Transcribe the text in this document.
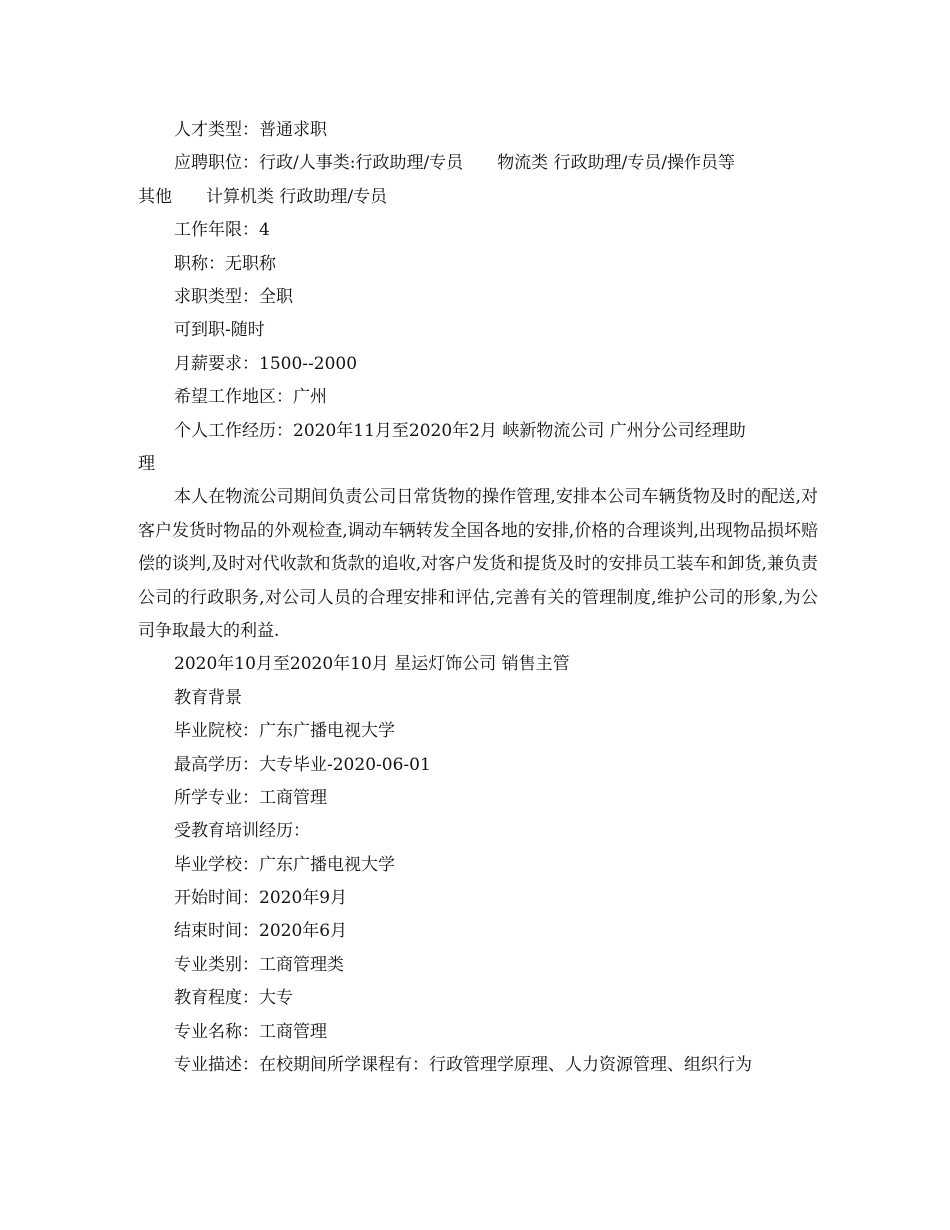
人才类型：普通求职
应聘职位：行政/人事类:行政助理/专员 物流类 行政助理/专员/操作员等
其他 计算机类 行政助理/专员
工作年限：4
职称：无职称
求职类型：全职
可到职-随时
月薪要求：1500--2000
希望工作地区：广州
个人工作经历：2020年11月至2020年2月 峡新物流公司 广州分公司经理助
理
本人在物流公司期间负责公司日常货物的操作管理,安排本公司车辆货物及时的配送,对客户发货时物品的外观检查,调动车辆转发全国各地的安排,价格的合理谈判,出现物品损坏赔偿的谈判,及时对代收款和货款的追收,对客户发货和提货及时的安排员工装车和卸货,兼负责公司的行政职务,对公司人员的合理安排和评估,完善有关的管理制度,维护公司的形象,为公司争取最大的利益.
2020年10月至2020年10月 星运灯饰公司 销售主管
教育背景
毕业院校：广东广播电视大学
最高学历：大专毕业-2020-06-01
所学专业：工商管理
受教育培训经历：
毕业学校：广东广播电视大学
开始时间：2020年9月
结束时间：2020年6月
专业类别：工商管理类
教育程度：大专
专业名称：工商管理
专业描述：在校期间所学课程有：行政管理学原理、人力资源管理、组织行为
